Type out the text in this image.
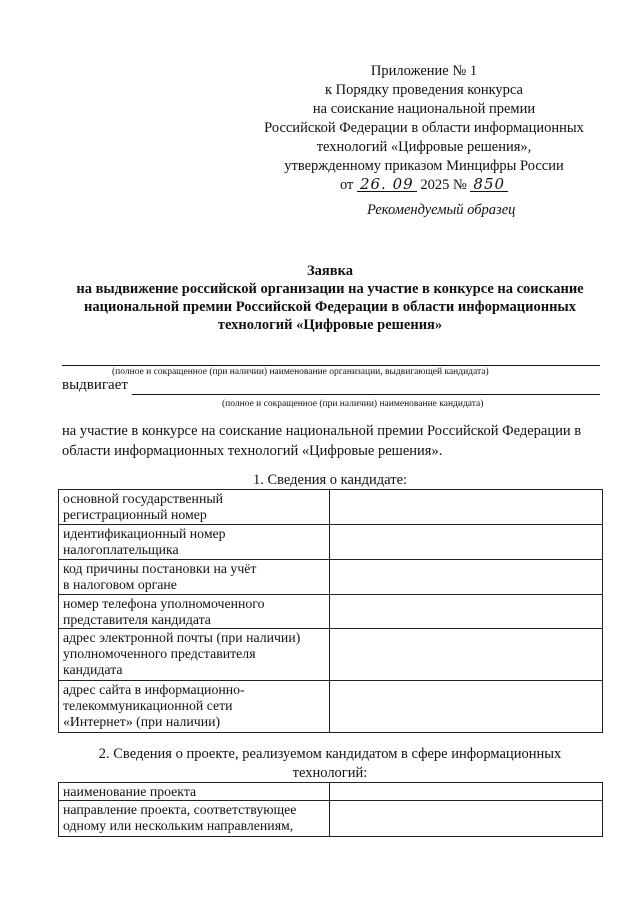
Приложение № 1
к Порядку проведения конкурса
на соискание национальной премии
Российской Федерации в области информационных
технологий «Цифровые решения»,
утвержденному приказом Минцифры России
от 26. 09 2025 № 850
Рекомендуемый образец
Заявка
на выдвижение российской организации на участие в конкурсе на соискание
национальной премии Российской Федерации в области информационных
технологий «Цифровые решения»
(полное и сокращенное (при наличии) наименование организации, выдвигающей кандидата)
выдвигает
(полное и сокращенное (при наличии) наименование кандидата)
на участие в конкурсе на соискание национальной премии Российской Федерации в области информационных технологий «Цифровые решения».
1. Сведения о кандидате:
основной государственный
регистрационный номер	

идентификационный номер
налогоплательщика	

код причины постановки на учёт
в налоговом органе	

номер телефона уполномоченного
представителя кандидата	

адрес электронной почты (при наличии)
уполномоченного представителя
кандидата	

адрес сайта в информационно-
телекоммуникационной сети
«Интернет» (при наличии)	

2. Сведения о проекте, реализуемом кандидатом в сфере информационных
технологий:
наименование проекта	

направление проекта, соответствующее
одному или нескольким направлениям,	
